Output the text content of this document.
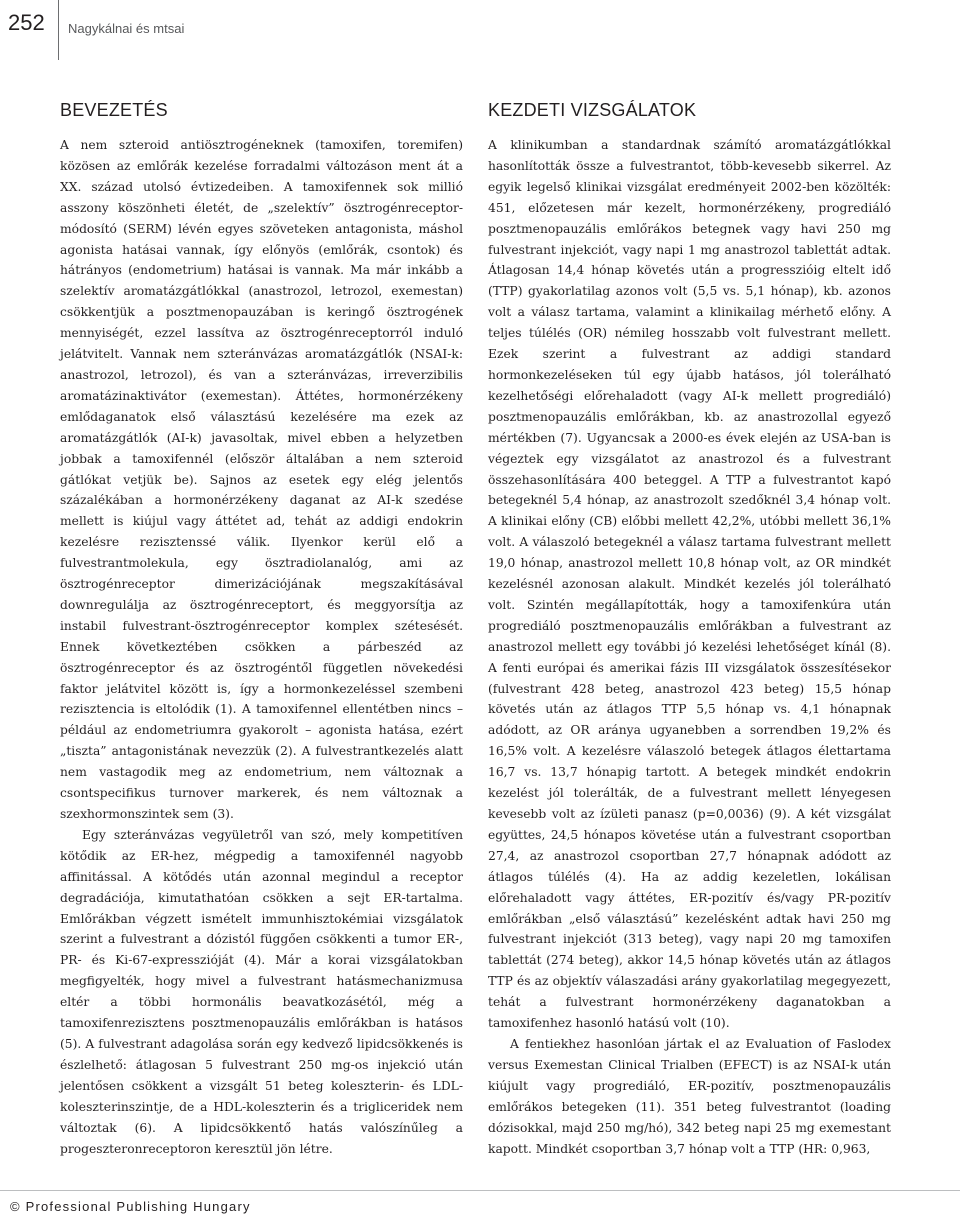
252	Nagykálnai és mtsai
BEVEZETÉS

A nem szteroid antiösztrogéneknek (tamoxifen, toremifen) közösen az emlőrák kezelése forradalmi változáson ment át a XX. század utolsó évtizedeiben. A tamoxifennek sok millió asszony köszönheti életét, de „szelektív” ösztrogénreceptor-módosító (SERM) lévén egyes szöveteken antagonista, máshol agonista hatásai vannak, így előnyös (emlőrák, csontok) és hátrányos (endometrium) hatásai is vannak. Ma már inkább a szelektív aromatázgátlókkal (anastrozol, letrozol, exemestan) csökkentjük a posztmenopauzában is keringő ösztrogének mennyiségét, ezzel lassítva az ösztrogénreceptorról induló jelátvitelt. Vannak nem szteránvázas aromatázgátlók (NSAI-k: anastrozol, letrozol), és van a szteránvázas, irreverzibilis aromatázinaktivátor (exemestan). Áttétes, hormonérzékeny emlődaganatok első választású kezelésére ma ezek az aromatázgátlók (AI-k) javasoltak, mivel ebben a helyzetben jobbak a tamoxifennél (először általában a nem szteroid gátlókat vetjük be). Sajnos az esetek egy elég jelentős százalékában a hormonérzékeny daganat az AI-k szedése mellett is kiújul vagy áttétet ad, tehát az addigi endokrin kezelésre rezisztenssé válik. Ilyenkor kerül elő a fulvestrantmolekula, egy ösztradiolanalóg, ami az ösztrogénreceptor dimerizációjának megszakításával downregulálja az ösztrogénreceptort, és meggyorsítja az instabil fulvestrant-ösztrogénreceptor komplex szétesését. Ennek következtében csökken a párbeszéd az ösztrogénreceptor és az ösztrogéntől független növekedési faktor jelátvitel között is, így a hormonkezeléssel szembeni rezisztencia is eltolódik (1). A tamoxifennel ellentétben nincs – például az endometriumra gyakorolt – agonista hatása, ezért „tiszta” antagonistának nevezzük (2). A fulvestrantkezelés alatt nem vastagodik meg az endometrium, nem változnak a csontspecifikus turnover markerek, és nem változnak a szexhormonszintek sem (3).

Egy szteránvázas vegyületről van szó, mely kompetitíven kötődik az ER-hez, mégpedig a tamoxifennél nagyobb affinitással. A kötődés után azonnal megindul a receptor degradációja, kimutathatóan csökken a sejt ER-tartalma. Emlőrákban végzett ismételt immunhisztokémiai vizsgálatok szerint a fulvestrant a dózistól függően csökkenti a tumor ER-, PR- és Ki-67-expresszióját (4). Már a korai vizsgálatokban megfigyelték, hogy mivel a fulvestrant hatásmechanizmusa eltér a többi hormonális beavatkozásétól, még a tamoxifenrezisztens posztmenopauzális emlőrákban is hatásos (5). A fulvestrant adagolása során egy kedvező lipidcsökkenés is észlelhető: átlagosan 5 fulvestrant 250 mg-os injekció után jelentősen csökkent a vizsgált 51 beteg koleszterin- és LDL-koleszterinszintje, de a HDL-koleszterin és a trigliceridek nem változtak (6). A lipidcsökkentő hatás valószínűleg a progeszteronreceptoron keresztül jön létre.

KEZDETI VIZSGÁLATOK

A klinikumban a standardnak számító aromatázgátlókkal hasonlították össze a fulvestrantot, több-kevesebb sikerrel. Az egyik legelső klinikai vizsgálat eredményeit 2002-ben közölték: 451, előzetesen már kezelt, hormonérzékeny, progrediáló posztmenopauzális emlőrákos betegnek vagy havi 250 mg fulvestrant injekciót, vagy napi 1 mg anastrozol tablettát adtak. Átlagosan 14,4 hónap követés után a progresszióig eltelt idő (TTP) gyakorlatilag azonos volt (5,5 vs. 5,1 hónap), kb. azonos volt a válasz tartama, valamint a klinikailag mérhető előny. A teljes túlélés (OR) némileg hosszabb volt fulvestrant mellett. Ezek szerint a fulvestrant az addigi standard hormonkezeléseken túl egy újabb hatásos, jól tolerálható kezelhetőségi előrehaladott (vagy AI-k mellett progrediáló) posztmenopauzális emlőrákban, kb. az anastrozollal egyező mértékben (7). Ugyancsak a 2000-es évek elején az USA-ban is végeztek egy vizsgálatot az anastrozol és a fulvestrant összehasonlítására 400 beteggel. A TTP a fulvestrantot kapó betegeknél 5,4 hónap, az anastrozolt szedőknél 3,4 hónap volt. A klinikai előny (CB) előbbi mellett 42,2%, utóbbi mellett 36,1% volt. A válaszoló betegeknél a válasz tartama fulvestrant mellett 19,0 hónap, anastrozol mellett 10,8 hónap volt, az OR mindkét kezelésnél azonosan alakult. Mindkét kezelés jól tolerálható volt. Szintén megállapították, hogy a tamoxifenkúra után progrediáló posztmenopauzális emlőrákban a fulvestrant az anastrozol mellett egy további jó kezelési lehetőséget kínál (8). A fenti európai és amerikai fázis III vizsgálatok összesítésekor (fulvestrant 428 beteg, anastrozol 423 beteg) 15,5 hónap követés után az átlagos TTP 5,5 hónap vs. 4,1 hónapnak adódott, az OR aránya ugyanebben a sorrendben 19,2% és 16,5% volt. A kezelésre válaszoló betegek átlagos élettartama 16,7 vs. 13,7 hónapig tartott. A betegek mindkét endokrin kezelést jól tolerálták, de a fulvestrant mellett lényegesen kevesebb volt az ízületi panasz (p=0,0036) (9). A két vizsgálat együttes, 24,5 hónapos követése után a fulvestrant csoportban 27,4, az anastrozol csoportban 27,7 hónapnak adódott az átlagos túlélés (4). Ha az addig kezeletlen, lokálisan előrehaladott vagy áttétes, ER-pozitív és/vagy PR-pozitív emlőrákban „első választású” kezelésként adtak havi 250 mg fulvestrant injekciót (313 beteg), vagy napi 20 mg tamoxifen tablettát (274 beteg), akkor 14,5 hónap követés után az átlagos TTP és az objektív válaszadási arány gyakorlatilag megegyezett, tehát a fulvestrant hormonérzékeny daganatokban a tamoxifenhez hasonló hatású volt (10).

A fentiekhez hasonlóan jártak el az Evaluation of Faslodex versus Exemestan Clinical Trialben (EFECT) is az NSAI-k után kiújult vagy progrediáló, ER-pozitív, posztmenopauzális emlőrákos betegeken (11). 351 beteg fulvestrantot (loading dózisokkal, majd 250 mg/hó), 342 beteg napi 25 mg exemestant kapott. Mindkét csoportban 3,7 hónap volt a TTP (HR: 0,963,

© Professional Publishing Hungary
